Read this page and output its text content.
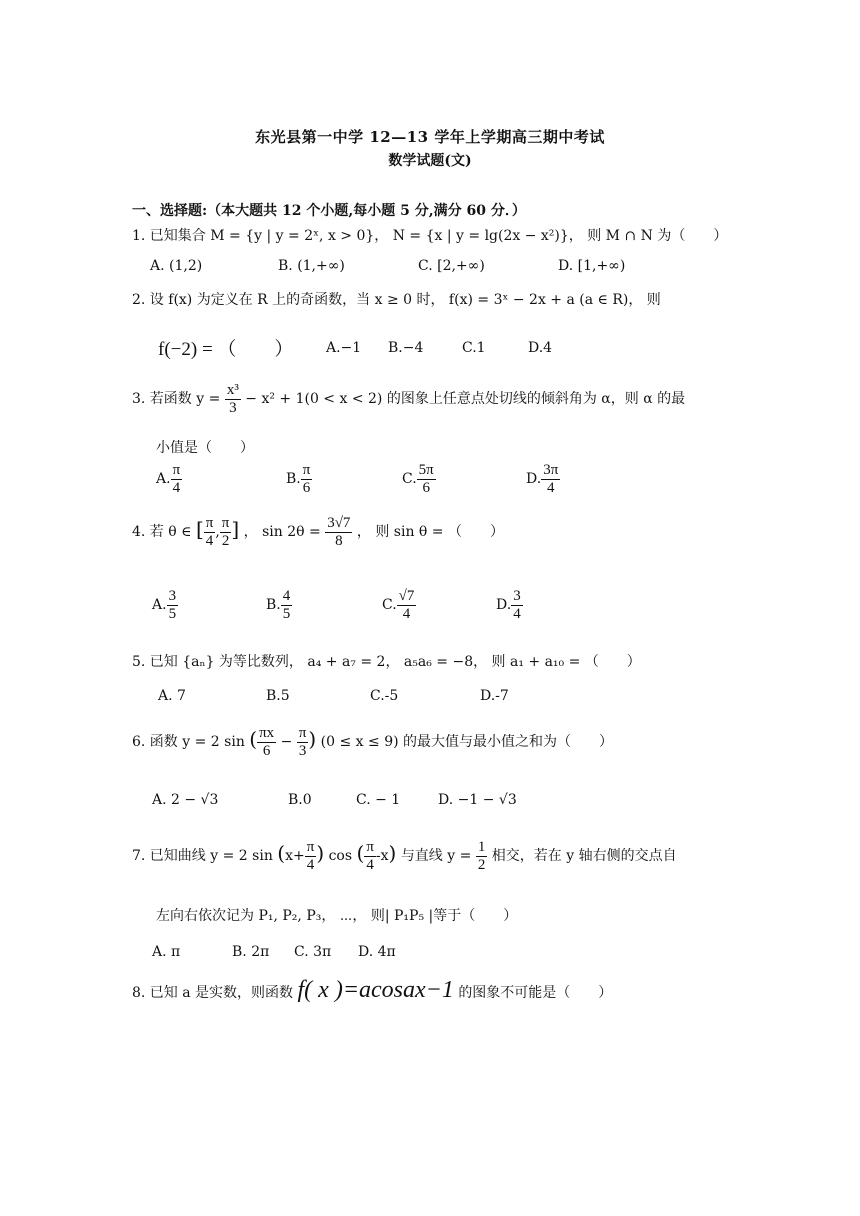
东光县第一中学 12—13 学年上学期高三期中考试
数学试题(文)
一、选择题:（本大题共 12 个小题,每小题 5 分,满分 60 分．）
1. 已知集合 M = {y | y = 2ˣ, x > 0}， N = {x | y = lg(2x − x²)}， 则 M ∩ N 为（　　）
A. (1,2)	B. (1,+∞)	C. [2,+∞)	D. [1,+∞)
2. 设 f(x) 为定义在 R 上的奇函数，当 x ≥ 0 时， f(x) = 3ˣ − 2x + a (a ∈ R)， 则
f(−2) = （　　） A.−1 B.−4	C.1	D.4
3. 若函数 $y = \frac{\text{x³}}{3} - x^2 + 1(0 < x < 2)$ 的图象上任意点处切线的倾斜角为 α，则 α 的最
小值是（　　）
A. $\frac{\pi}{4}$	B. $\frac{\pi}{6}$	C. $\frac{5\pi}{6}$	D. $\frac{3\pi}{4}$
4. 若 θ ∈ [ $\frac{\pi}{4}$ , $\frac{\pi}{2}$ ] ， $\sin 2\theta = \frac{3√7}{8}$ ， 则 sin θ = （　　）
A. $\frac{3}{5}$	B. $\frac{4}{5}$	C. $\frac{√7}{4}$	D. $\frac{3}{4}$
5. 已知 {aₙ} 为等比数列， a₄ + a₇ = 2， a₅a₆ = −8， 则 a₁ + a₁₀ = （　　）
A. 7	B.5	C.-5	D.-7
6. 函数 y = 2 sin ( $\frac{\pi x}{6} - \frac{\pi}{3}$ ) (0 ≤ x ≤ 9) 的最大值与最小值之和为（　　）
A. 2 − √3	B.0	C. − 1	D. −1 − √3
7. 已知曲线 y = 2 $\sin (x+ \frac{\pi}{4}$ ) cos ( $\frac{\pi}{4} -x$) 与直线 $y = \frac{1}{2}$ 相交，若在 y 轴右侧的交点自
左向右依次记为 P₁, P₂, P₃， ⋯， 则| P₁P₅ |等于（　　）
A. π	B. 2π C. 3π D. 4π
8. 已知 a 是实数，则函数 f( x )=acosax−1 的图象不可能是（　　）
